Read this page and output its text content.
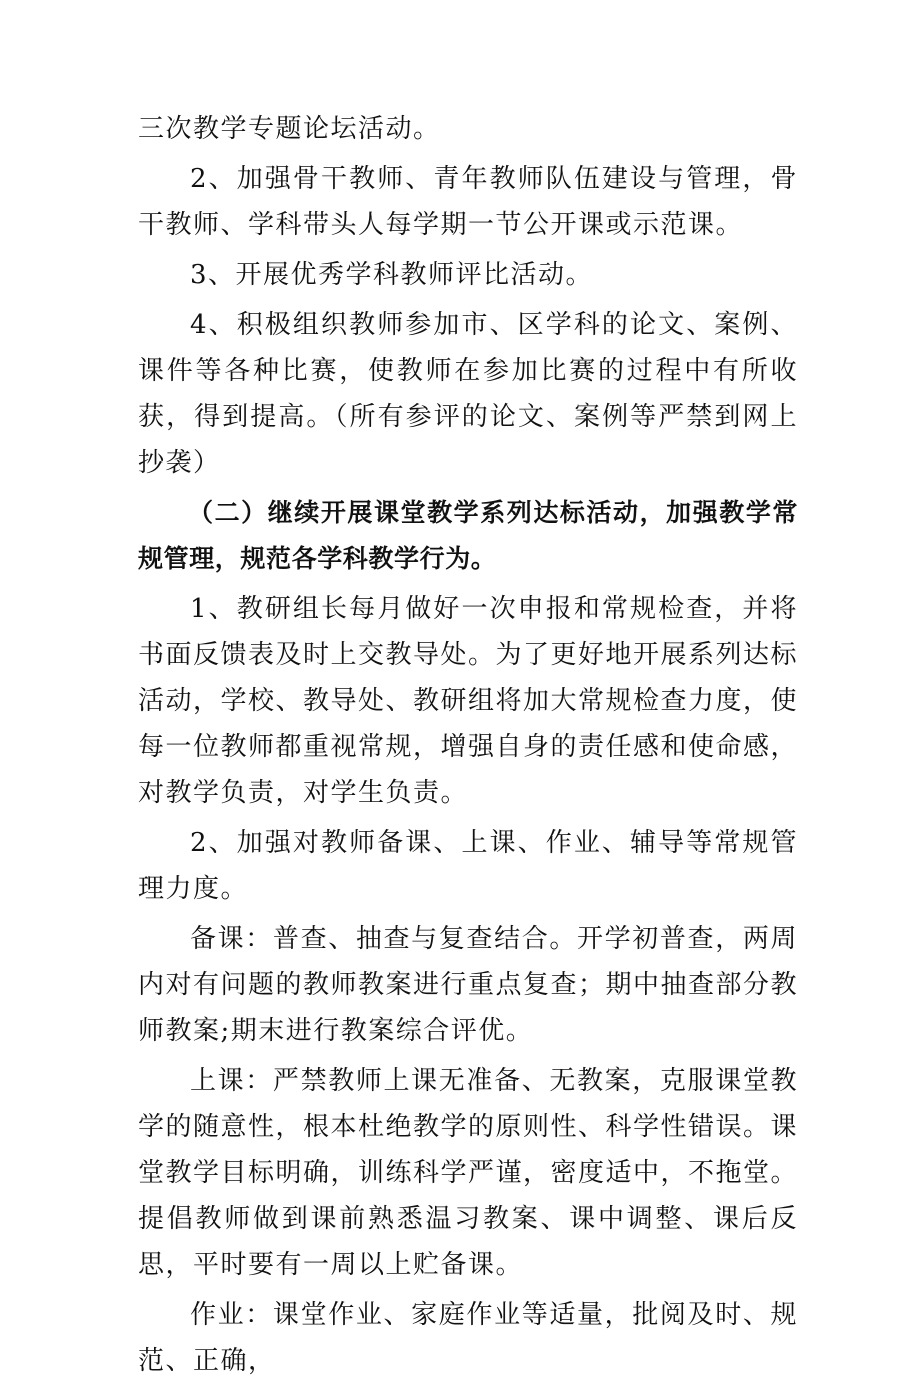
三次教学专题论坛活动。

2、加强骨干教师、青年教师队伍建设与管理，骨干教师、学科带头人每学期一节公开课或示范课。

3、开展优秀学科教师评比活动。

4、积极组织教师参加市、区学科的论文、案例、课件等各种比赛，使教师在参加比赛的过程中有所收获，得到提高。（所有参评的论文、案例等严禁到网上抄袭）

（二）继续开展课堂教学系列达标活动，加强教学常规管理，规范各学科教学行为。

1、教研组长每月做好一次申报和常规检查，并将书面反馈表及时上交教导处。为了更好地开展系列达标活动，学校、教导处、教研组将加大常规检查力度，使每一位教师都重视常规，增强自身的责任感和使命感，对教学负责，对学生负责。

2、加强对教师备课、上课、作业、辅导等常规管理力度。

备课：普查、抽查与复查结合。开学初普查，两周内对有问题的教师教案进行重点复查；期中抽查部分教师教案;期末进行教案综合评优。

上课：严禁教师上课无准备、无教案，克服课堂教学的随意性，根本杜绝教学的原则性、科学性错误。课堂教学目标明确，训练科学严谨，密度适中，不拖堂。提倡教师做到课前熟悉温习教案、课中调整、课后反思，平时要有一周以上贮备课。

作业：课堂作业、家庭作业等适量，批阅及时、规范、正确，
